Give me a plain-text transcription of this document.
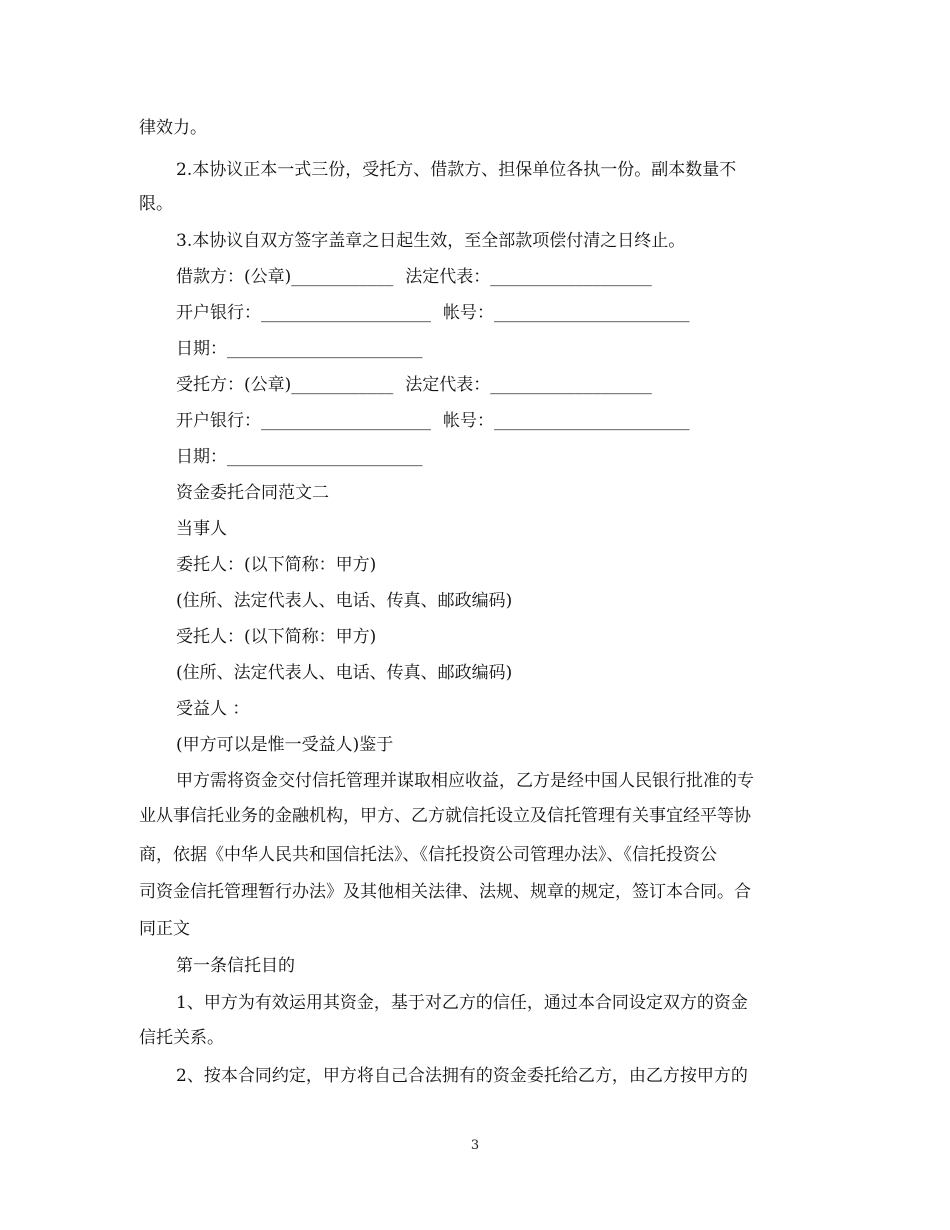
律效力。
2.本协议正本一式三份，受托方、借款方、担保单位各执一份。副本数量不
限。
3.本协议自双方签字盖章之日起生效，至全部款项偿付清之日终止。
借款方：(公章)____________ 法定代表：___________________
开户银行：____________________ 帐号：_______________________
日期：_______________________
受托方：(公章)____________ 法定代表：___________________
开户银行：____________________ 帐号：_______________________
日期：_______________________
资金委托合同范文二
当事人
委托人：(以下简称：甲方)
(住所、法定代表人、电话、传真、邮政编码)
受托人：(以下简称：甲方)
(住所、法定代表人、电话、传真、邮政编码)
受益人 ：
(甲方可以是惟一受益人)鉴于
甲方需将资金交付信托管理并谋取相应收益，乙方是经中国人民银行批准的专
业从事信托业务的金融机构，甲方、乙方就信托设立及信托管理有关事宜经平等协
商，依据《中华人民共和国信托法》、《信托投资公司管理办法》、《信托投资公
司资金信托管理暂行办法》及其他相关法律、法规、规章的规定，签订本合同。合
同正文
第一条信托目的
1、甲方为有效运用其资金，基于对乙方的信任，通过本合同设定双方的资金
信托关系。
2、按本合同约定，甲方将自己合法拥有的资金委托给乙方，由乙方按甲方的
3
